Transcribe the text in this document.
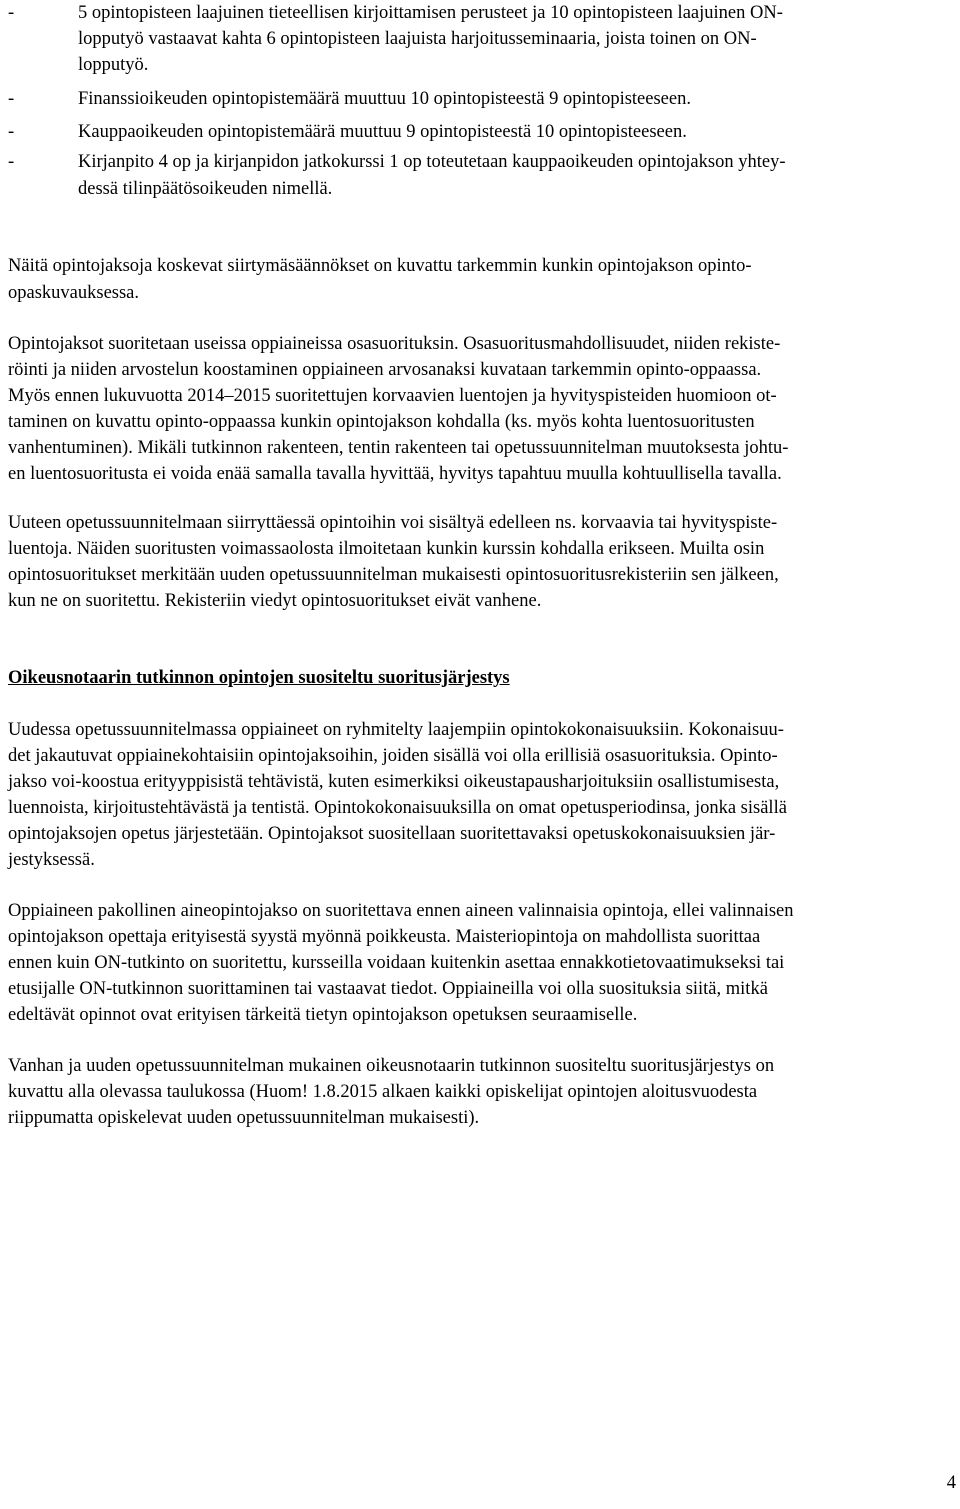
-	5 opintopisteen laajuinen tieteellisen kirjoittamisen perusteet ja 10 opintopisteen laajuinen ON-
lopputyö vastaavat kahta 6 opintopisteen laajuista harjoitusseminaaria, joista toinen on ON-
lopputyö.
-	Finanssioikeuden opintopistemäärä muuttuu 10 opintopisteestä 9 opintopisteeseen.
-	Kauppaoikeuden opintopistemäärä muuttuu 9 opintopisteestä 10 opintopisteeseen.
-	Kirjanpito 4 op ja kirjanpidon jatkokurssi 1 op toteutetaan kauppaoikeuden opintojakson yhtey-
dessä tilinpäätösoikeuden nimellä.
Näitä opintojaksoja koskevat siirtymäsäännökset on kuvattu tarkemmin kunkin opintojakson opinto-
opaskuvauksessa.
Opintojaksot suoritetaan useissa oppiaineissa osasuorituksin. Osasuoritusmahdollisuudet, niiden rekiste-
röinti ja niiden arvostelun koostaminen oppiaineen arvosanaksi kuvataan tarkemmin opinto-oppaassa.
Myös ennen lukuvuotta 2014–2015 suoritettujen korvaavien luentojen ja hyvityspisteiden huomioon ot-
taminen on kuvattu opinto-oppaassa kunkin opintojakson kohdalla (ks. myös kohta luentosuoritusten
vanhentuminen). Mikäli tutkinnon rakenteen, tentin rakenteen tai opetussuunnitelman muutoksesta johtu-
en luentosuoritusta ei voida enää samalla tavalla hyvittää, hyvitys tapahtuu muulla kohtuullisella tavalla.
Uuteen opetussuunnitelmaan siirryttäessä opintoihin voi sisältyä edelleen ns. korvaavia tai hyvityspiste-
luentoja. Näiden suoritusten voimassaolosta ilmoitetaan kunkin kurssin kohdalla erikseen. Muilta osin
opintosuoritukset merkitään uuden opetussuunnitelman mukaisesti opintosuoritusrekisteriin sen jälkeen,
kun ne on suoritettu. Rekisteriin viedyt opintosuoritukset eivät vanhene.
Oikeusnotaarin tutkinnon opintojen suositeltu suoritusjärjestys
Uudessa opetussuunnitelmassa oppiaineet on ryhmitelty laajempiin opintokokonaisuuksiin. Kokonaisuu-
det jakautuvat oppiainekohtaisiin opintojaksoihin, joiden sisällä voi olla erillisiä osasuorituksia. Opinto-
jakso voi-koostua erityyppisistä tehtävistä, kuten esimerkiksi oikeustapausharjoituksiin osallistumisesta,
luennoista, kirjoitustehtävästä ja tentistä. Opintokokonaisuuksilla on omat opetusperiodinsa, jonka sisällä
opintojaksojen opetus järjestetään. Opintojaksot suositellaan suoritettavaksi opetuskokonaisuuksien jär-
jestyksessä.
Oppiaineen pakollinen aineopintojakso on suoritettava ennen aineen valinnaisia opintoja, ellei valinnaisen
opintojakson opettaja erityisestä syystä myönnä poikkeusta. Maisteriopintoja on mahdollista suorittaa
ennen kuin ON-tutkinto on suoritettu, kursseilla voidaan kuitenkin asettaa ennakkotietovaatimukseksi tai
etusijalle ON-tutkinnon suorittaminen tai vastaavat tiedot. Oppiaineilla voi olla suosituksia siitä, mitkä
edeltävät opinnot ovat erityisen tärkeitä tietyn opintojakson opetuksen seuraamiselle.
Vanhan ja uuden opetussuunnitelman mukainen oikeusnotaarin tutkinnon suositeltu suoritusjärjestys on
kuvattu alla olevassa taulukossa (Huom! 1.8.2015 alkaen kaikki opiskelijat opintojen aloitusvuodesta
riippumatta opiskelevat uuden opetussuunnitelman mukaisesti).
4
